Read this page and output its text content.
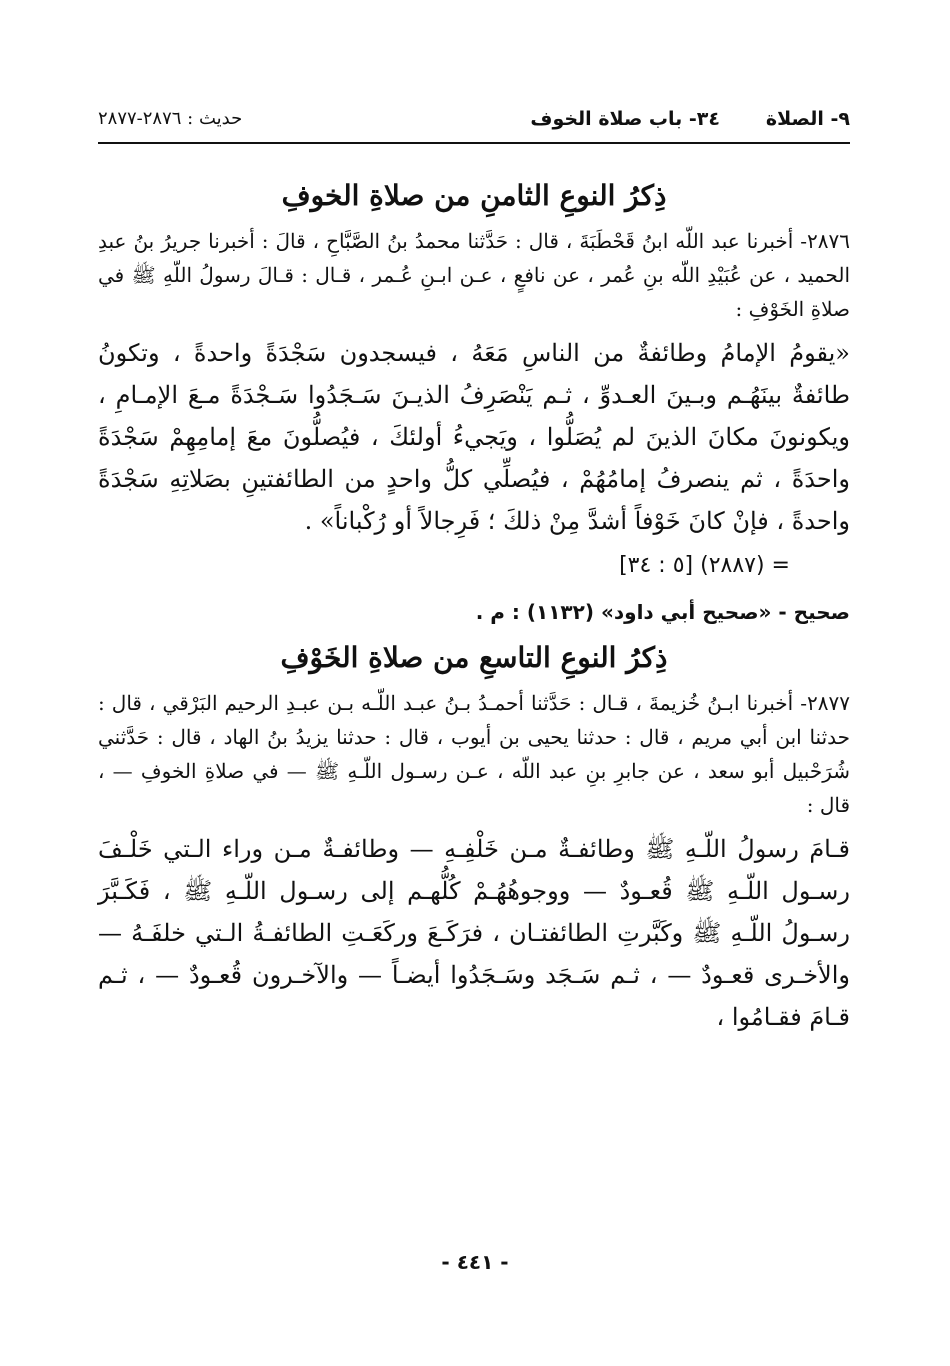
٩- الصلاة
٣٤- باب صلاة الخوف
حديث : ٢٨٧٦-٢٨٧٧
ذِكرُ النوعِ الثامنِ من صلاةِ الخوفِ

٢٨٧٦- أخبرنا عبد اللّه ابنُ قَحْطَبَةَ ، قال : حَدَّثنا محمدُ بنُ الصَّبَّاحِ ، قالَ : أخبرنا جريرُ بنُ عبدِ الحميد ، عن عُبَيْدِ اللّه بنِ عُمر ، عن نافعٍ ، عـن ابـنِ عُـمر ، قـال : قـالَ رسولُ اللّهِ ﷺ في صلاةِ الخَوْفِ :

«يقومُ الإمامُ وطائفةٌ من الناسِ مَعَهُ ، فيسجدون سَجْدَةً واحدةً ، وتكونُ طائفةٌ بينَهُـم وبـينَ العـدوِّ ، ثـم يَنْصَرِفُ الذيـنَ سَـجَدُوا سَـجْدَةً مـعَ الإمـامِ ، ويكونونَ مكانَ الذينَ لم يُصَلُّوا ، ويَجيءُ أولئكَ ، فيُصلُّونَ معَ إمامِهِمْ سَجْدَةً واحدَةً ، ثم ينصرفُ إمامُهُمْ ، فيُصلِّي كلُّ واحدٍ من الطائفتينِ بصَلاتِهِ سَجْدَةً واحدةً ، فإنْ كانَ خَوْفاً أشدَّ مِنْ ذلكَ ؛ فَرِجالاً أو رُكْباناً» .

= (٢٨٨٧) [٥ : ٣٤]

صحيح - «صحيح أبي داود» (١١٣٢) : م .

ذِكرُ النوعِ التاسعِ من صلاةِ الخَوْفِ

٢٨٧٧- أخبرنا ابـنُ خُزيمةَ ، قـال : حَدَّثنا أحمـدُ بـنُ عبـد اللّـه بـن عبـدِ الرحيم البَرْقي ، قال : حدثنا ابن أبي مريم ، قال : حدثنا يحيى بن أيوب ، قال : حدثنا يزيدُ بنُ الهاد ، قال : حَدَّثني شُرَحْبيل أبو سعد ، عن جابرِ بنِ عبد اللّه ، عـن رسـول اللّـهِ ﷺ — في صلاةِ الخوفِ — ، قال :

قـامَ رسولُ اللّـهِ ﷺ وطائفـةٌ مـن خَلْفِـهِ — وطائفـةٌ مـن وراء الـتي خَلْـفَ رسـول اللّـهِ ﷺ قُعـودٌ — ووجوهُهُـمْ كُلُّهـم إلى رسـول اللّـهِ ﷺ ، فَكَـبَّرَ رسـولُ اللّـهِ ﷺ وكَبَّرتِ الطائفتـان ، فرَكَـعَ وركَعَـتِ الطائفـةُ الـتي خلفَـهُ — والأخـرى قعـودٌ — ، ثـم سَـجَد وسَـجَدُوا أيضـاً — والآخـرون قُعـودٌ — ، ثـم قـامَ فقـامُوا ،

- ٤٤١ -
